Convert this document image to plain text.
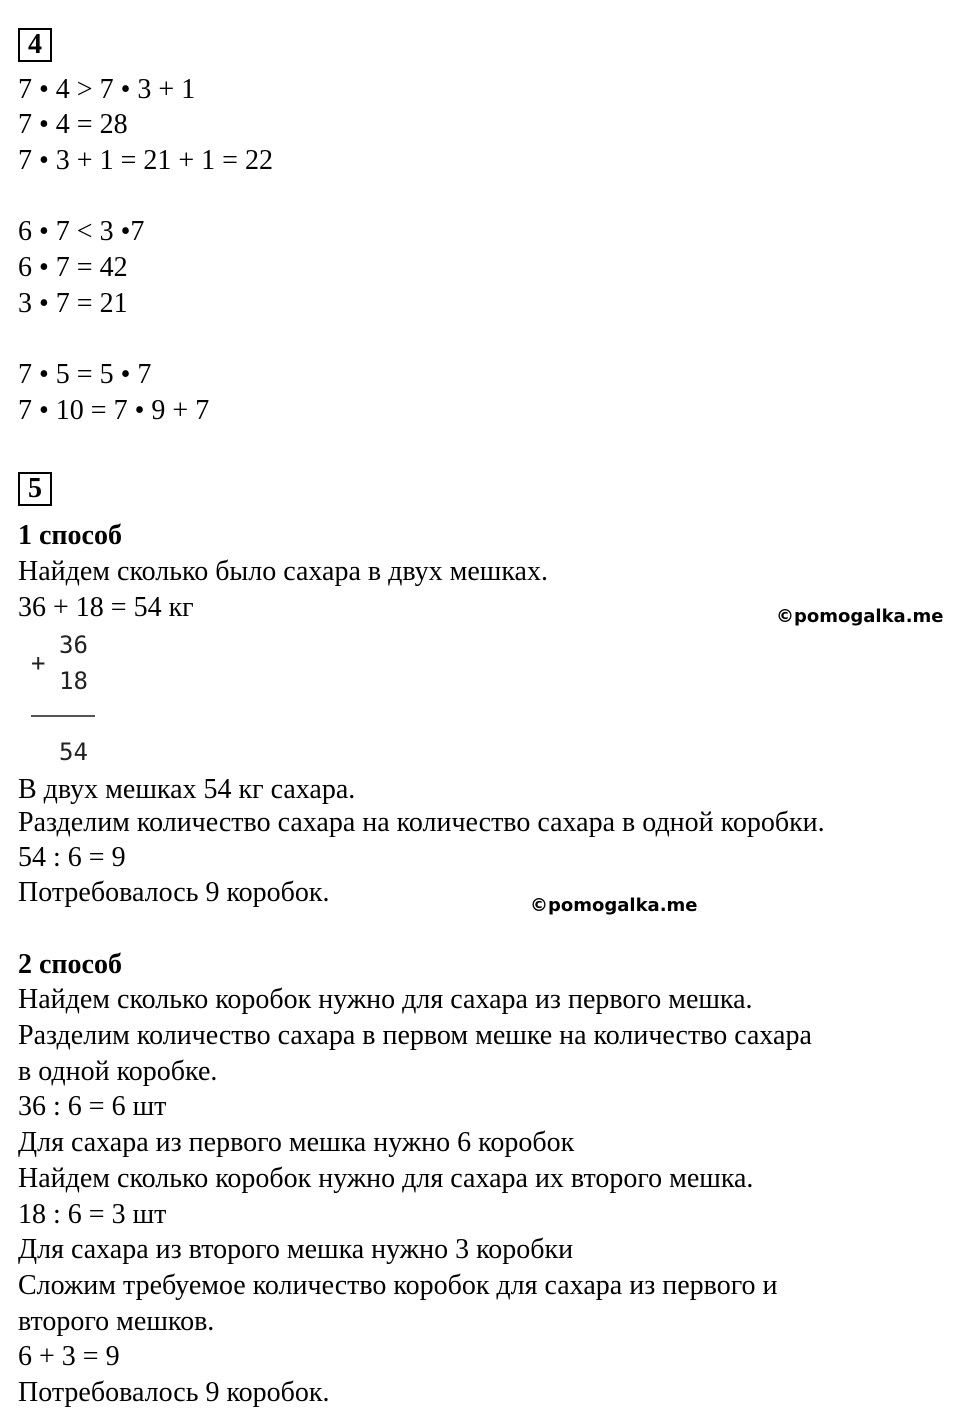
4
7 • 4 > 7 • 3 + 1
7 • 4 = 28
7 • 3 + 1 = 21 + 1 = 22
6 • 7 < 3 •7
6 • 7 = 42
3 • 7 = 21
7 • 5 = 5 • 7
7 • 10 = 7 • 9 + 7
5
1 способ
Найдем сколько было сахара в двух мешках.
36 + 18 = 54 кг	©pomogalka.me
+
36
18
54
В двух мешках 54 кг сахара.
Разделим количество сахара на количество сахара в одной коробки.
54 : 6 = 9
Потребовалось 9 коробок.	©pomogalka.me
2 способ
Найдем сколько коробок нужно для сахара из первого мешка.
Разделим количество сахара в первом мешке на количество сахара
в одной коробке.
36 : 6 = 6 шт
Для сахара из первого мешка нужно 6 коробок
Найдем сколько коробок нужно для сахара их второго мешка.
18 : 6 = 3 шт
Для сахара из второго мешка нужно 3 коробки
Сложим требуемое количество коробок для сахара из первого и
второго мешков.
6 + 3 = 9
Потребовалось 9 коробок.
